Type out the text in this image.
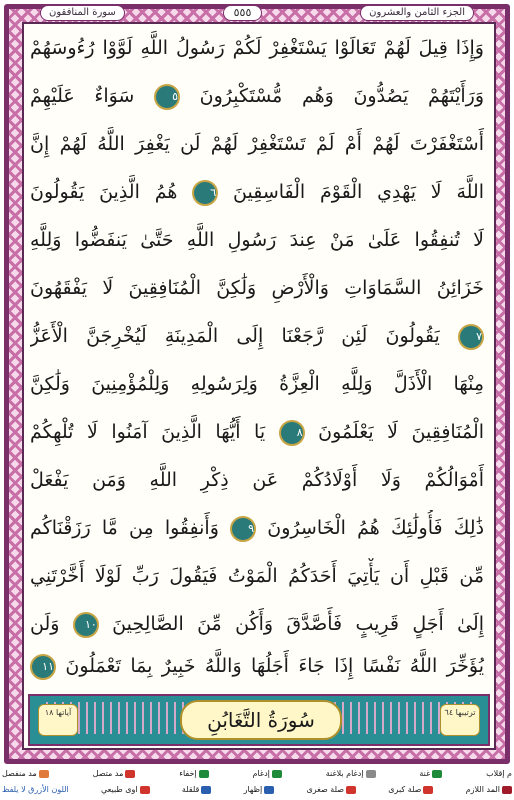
سورة المنافقون	٥٥٥	الجزء الثامن والعشرون
وَإِذَا قِيلَ لَهُمْ تَعَالَوْا يَسْتَغْفِرْ لَكُمْ رَسُولُ اللَّهِ لَوَّوْا رُءُوسَهُمْ
وَرَأَيْتَهُمْ يَصُدُّونَ وَهُم مُّسْتَكْبِرُونَ ٥ سَوَاءٌ عَلَيْهِمْ
أَسْتَغْفَرْتَ لَهُمْ أَمْ لَمْ تَسْتَغْفِرْ لَهُمْ لَن يَغْفِرَ اللَّهُ لَهُمْ إِنَّ
اللَّهَ لَا يَهْدِي الْقَوْمَ الْفَاسِقِينَ ٦ هُمُ الَّذِينَ يَقُولُونَ
لَا تُنفِقُوا عَلَىٰ مَنْ عِندَ رَسُولِ اللَّهِ حَتَّىٰ يَنفَضُّوا وَلِلَّهِ
خَزَائِنُ السَّمَاوَاتِ وَالْأَرْضِ وَلَٰكِنَّ الْمُنَافِقِينَ لَا يَفْقَهُونَ
٧ يَقُولُونَ لَئِن رَّجَعْنَا إِلَى الْمَدِينَةِ لَيُخْرِجَنَّ الْأَعَزُّ
مِنْهَا الْأَذَلَّ وَلِلَّهِ الْعِزَّةُ وَلِرَسُولِهِ وَلِلْمُؤْمِنِينَ وَلَٰكِنَّ
الْمُنَافِقِينَ لَا يَعْلَمُونَ ٨ يَا أَيُّهَا الَّذِينَ آمَنُوا لَا تُلْهِكُمْ
أَمْوَالُكُمْ وَلَا أَوْلَادُكُمْ عَن ذِكْرِ اللَّهِ وَمَن يَفْعَلْ
ذَٰلِكَ فَأُولَٰئِكَ هُمُ الْخَاسِرُونَ ٩ وَأَنفِقُوا مِن مَّا رَزَقْنَاكُم
مِّن قَبْلِ أَن يَأْتِيَ أَحَدَكُمُ الْمَوْتُ فَيَقُولَ رَبِّ لَوْلَا أَخَّرْتَنِي
إِلَىٰ أَجَلٍ قَرِيبٍ فَأَصَّدَّقَ وَأَكُن مِّنَ الصَّالِحِينَ ١٠ وَلَن
يُؤَخِّرَ اللَّهُ نَفْسًا إِذَا جَاءَ أَجَلُهَا وَاللَّهُ خَبِيرٌ بِمَا تَعْمَلُونَ ١١
آياتها ١٨	سُورَةُ التَّغَابُنِ	ترتيبها ٦٤
م إقلاب
غنة
إدغام بلاغنة
إدغام
إخفاء
مد متصل
مد منفصل
المد اللازم
صلة كبرى
صلة صغرى
إظهار
قلقلة
اوى طبيعي
اللون الأزرق لا يلفظ
